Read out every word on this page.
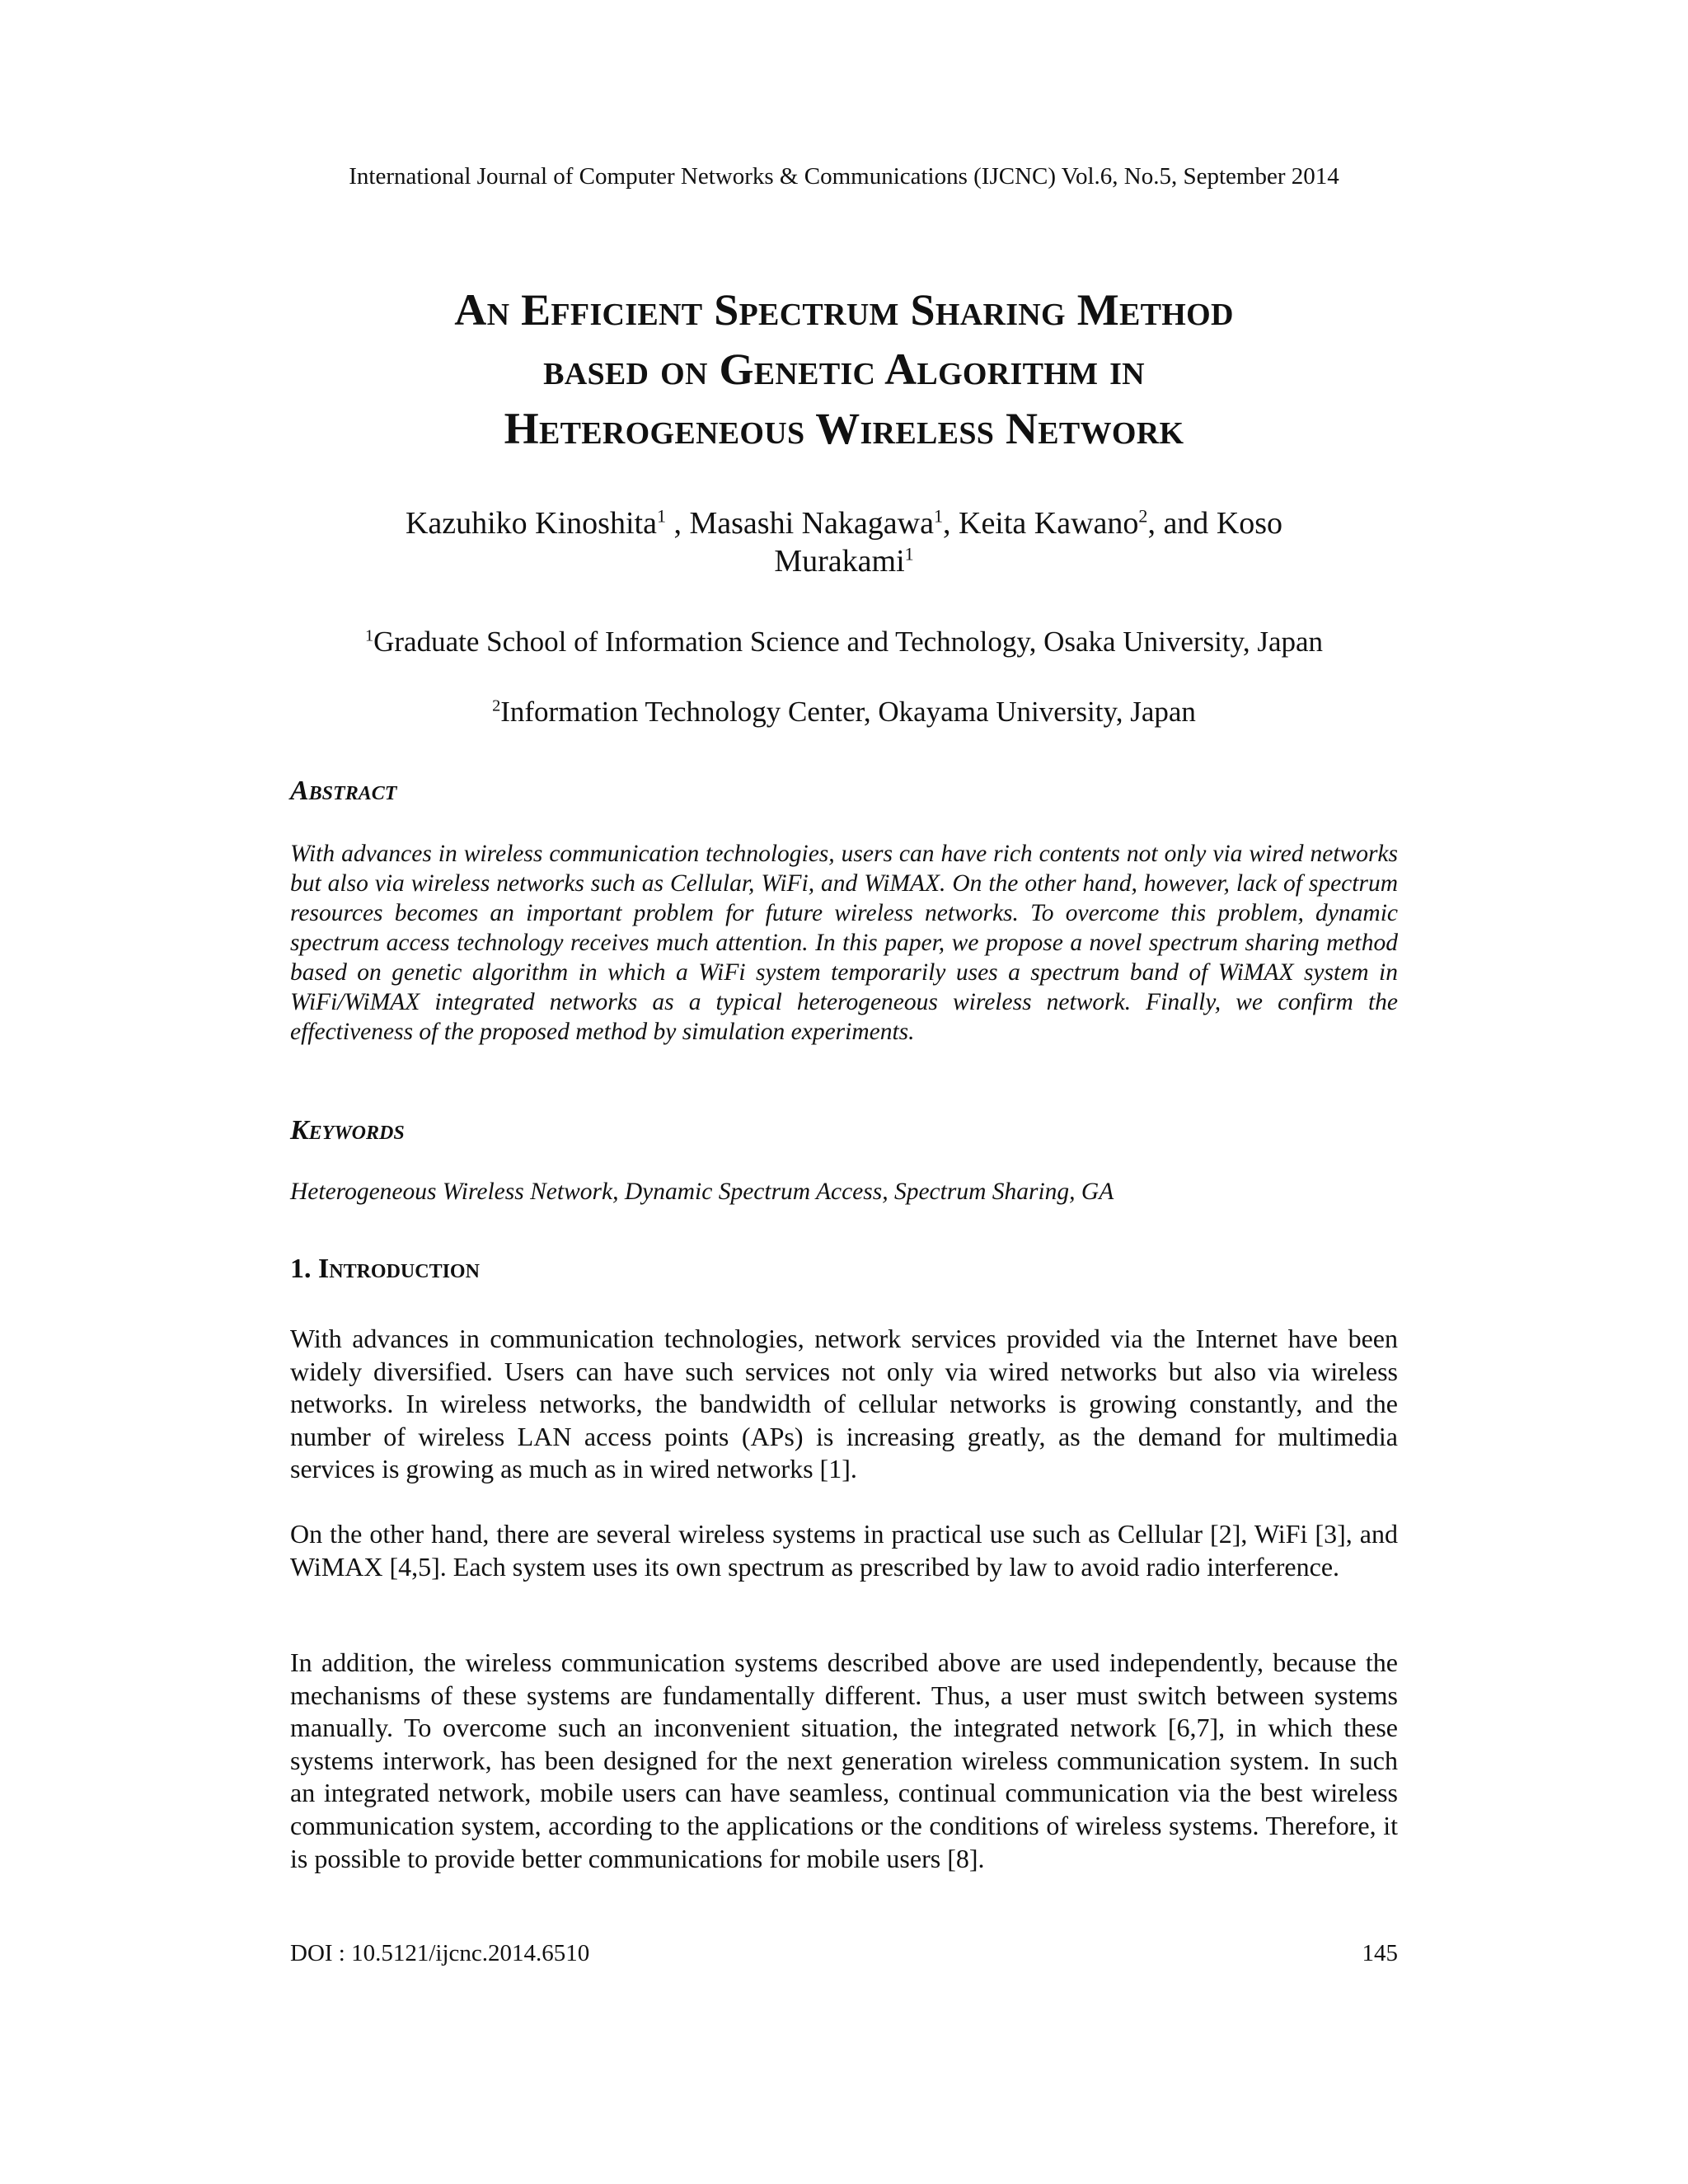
International Journal of Computer Networks & Communications (IJCNC) Vol.6, No.5, September 2014
An Efficient Spectrum Sharing Method
based on Genetic Algorithm in
Heterogeneous Wireless Network
Kazuhiko Kinoshita$^1$ , Masashi Nakagawa$^1$, Keita Kawano$^2$, and Koso
Murakami$^1$
$^1$Graduate School of Information Science and Technology, Osaka University, Japan
$^2$Information Technology Center, Okayama University, Japan
Abstract
With advances in wireless communication technologies, users can have rich contents not only via wired networks but also via wireless networks such as Cellular, WiFi, and WiMAX. On the other hand, however, lack of spectrum resources becomes an important problem for future wireless networks. To overcome this problem, dynamic spectrum access technology receives much attention. In this paper, we propose a novel spectrum sharing method based on genetic algorithm in which a WiFi system temporarily uses a spectrum band of WiMAX system in WiFi/WiMAX integrated networks as a typical heterogeneous wireless network. Finally, we confirm the effectiveness of the proposed method by simulation experiments.
Keywords
Heterogeneous Wireless Network, Dynamic Spectrum Access, Spectrum Sharing, GA
1. Introduction
With advances in communication technologies, network services provided via the Internet have been widely diversified. Users can have such services not only via wired networks but also via wireless networks. In wireless networks, the bandwidth of cellular networks is growing constantly, and the number of wireless LAN access points (APs) is increasing greatly, as the demand for multimedia services is growing as much as in wired networks [1].
On the other hand, there are several wireless systems in practical use such as Cellular [2], WiFi [3], and WiMAX [4,5]. Each system uses its own spectrum as prescribed by law to avoid radio interference.
In addition, the wireless communication systems described above are used independently, because the mechanisms of these systems are fundamentally different. Thus, a user must switch between systems manually. To overcome such an inconvenient situation, the integrated network [6,7], in which these systems interwork, has been designed for the next generation wireless communication system. In such an integrated network, mobile users can have seamless, continual communication via the best wireless communication system, according to the applications or the conditions of wireless systems. Therefore, it is possible to provide better communications for mobile users [8].
DOI : 10.5121/ijcnc.2014.6510	145
